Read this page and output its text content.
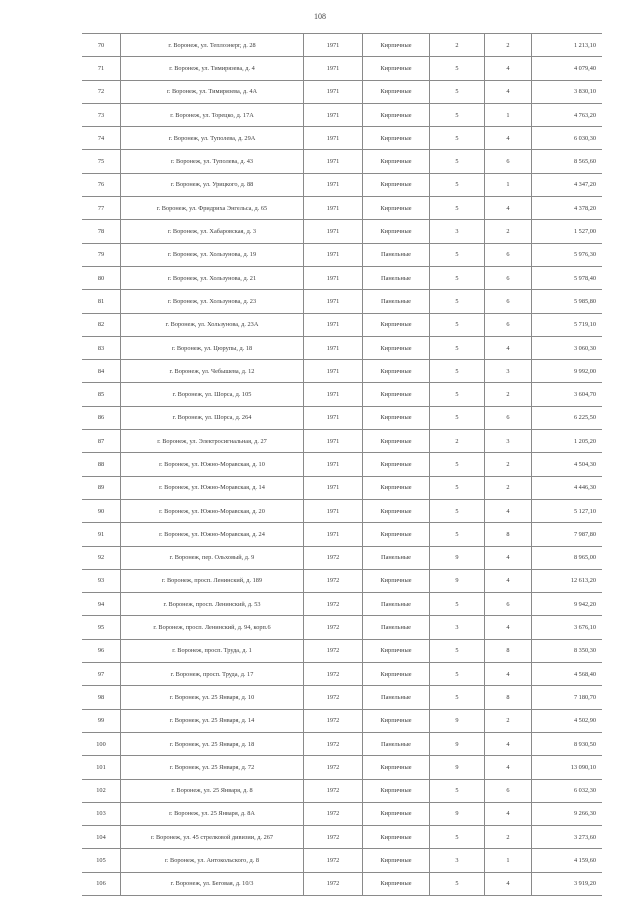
108
70	г. Воронеж, ул. Теплоэнерг, д. 28	1971	Кирпичные	2	2	1 213,10
71	г. Воронеж, ул. Тимирязева, д. 4	1971	Кирпичные	5	4	4 079,40
72	г. Воронеж, ул. Тимирязева, д. 4А	1971	Кирпичные	5	4	3 830,10
73	г. Воронеж, ул. Торецко, д. 17А	1971	Кирпичные	5	1	4 763,20
74	г. Воронеж, ул. Туполева, д. 29А	1971	Кирпичные	5	4	6 030,30
75	г. Воронеж, ул. Туполева, д. 43	1971	Кирпичные	5	6	8 565,60
76	г. Воронеж, ул. Урицкого, д. 88	1971	Кирпичные	5	1	4 347,20
77	г. Воронеж, ул. Фридриха Энгельса, д. 65	1971	Кирпичные	5	4	4 378,20
78	г. Воронеж, ул. Хабаровская, д. 3	1971	Кирпичные	3	2	1 527,00
79	г. Воронеж, ул. Хользунова, д. 19	1971	Панельные	5	6	5 976,30
80	г. Воронеж, ул. Хользунова, д. 21	1971	Панельные	5	6	5 978,40
81	г. Воронеж, ул. Хользунова, д. 23	1971	Панельные	5	6	5 985,80
82	г. Воронеж, ул. Хользунова, д. 23А	1971	Кирпичные	5	6	5 719,10
83	г. Воронеж, ул. Цюрупы, д. 18	1971	Кирпичные	5	4	3 060,30
84	г. Воронеж, ул. Чебышева, д. 12	1971	Кирпичные	5	3	9 992,00
85	г. Воронеж, ул. Шорса, д. 105	1971	Кирпичные	5	2	3 604,70
86	г. Воронеж, ул. Шорса, д. 264	1971	Кирпичные	5	6	6 225,50
87	г. Воронеж, ул. Электросигнальная, д. 27	1971	Кирпичные	2	3	1 205,20
88	г. Воронеж, ул. Южно-Моравская, д. 10	1971	Кирпичные	5	2	4 504,30
89	г. Воронеж, ул. Южно-Моравская, д. 14	1971	Кирпичные	5	2	4 446,30
90	г. Воронеж, ул. Южно-Моравская, д. 20	1971	Кирпичные	5	4	5 127,10
91	г. Воронеж, ул. Южно-Моравская, д. 24	1971	Кирпичные	5	8	7 987,80
92	г. Воронеж, пер. Ольховый, д. 9	1972	Панельные	9	4	8 965,00
93	г. Воронеж, просп. Ленинский, д. 189	1972	Кирпичные	9	4	12 613,20
94	г. Воронеж, просп. Ленинский, д. 53	1972	Панельные	5	6	9 942,20
95	г. Воронеж, просп. Ленинский, д. 94, корп.6	1972	Панельные	3	4	3 676,10
96	г. Воронеж, просп. Труда, д. 1	1972	Кирпичные	5	8	8 350,30
97	г. Воронеж, просп. Труда, д. 17	1972	Кирпичные	5	4	4 568,40
98	г. Воронеж, ул. 25 Января, д. 10	1972	Панельные	5	8	7 180,70
99	г. Воронеж, ул. 25 Января, д. 14	1972	Кирпичные	9	2	4 502,90
100	г. Воронеж, ул. 25 Января, д. 18	1972	Панельные	9	4	8 930,50
101	г. Воронеж, ул. 25 Января, д. 72	1972	Кирпичные	9	4	13 090,10
102	г. Воронеж, ул. 25 Января, д. 8	1972	Кирпичные	5	6	6 032,30
103	г. Воронеж, ул. 25 Января, д. 8А	1972	Кирпичные	9	4	9 266,30
104	г. Воронеж, ул. 45 стрелковой дивизии, д. 267	1972	Кирпичные	5	2	3 273,60
105	г. Воронеж, ул. Антокольского, д. 8	1972	Кирпичные	3	1	4 159,60
106	г. Воронеж, ул. Беговая, д. 10/3	1972	Кирпичные	5	4	3 919,20
